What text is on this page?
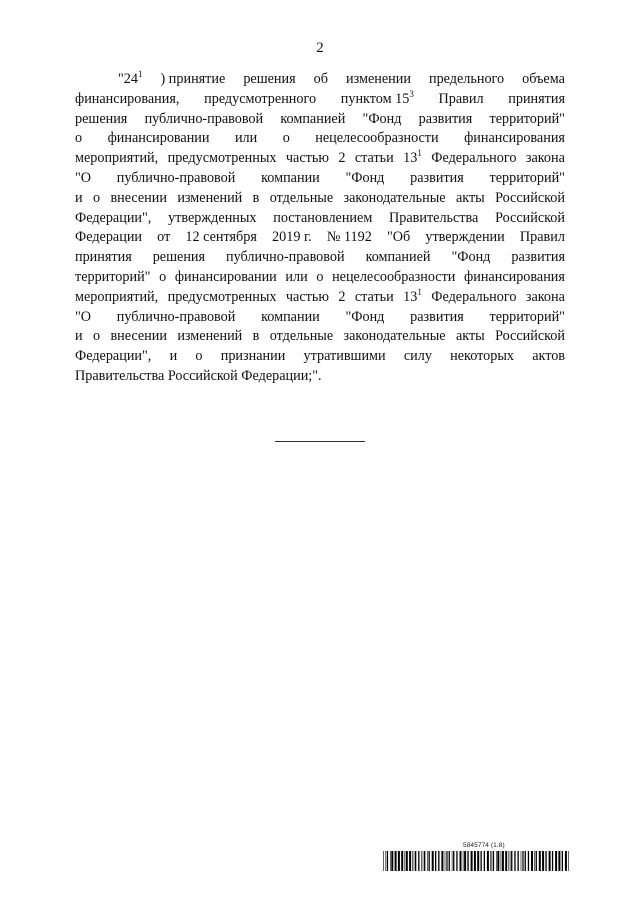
2
"$24^1$ ) принятие решения об изменении предельного объема
финансирования, предусмотренного пунктом $15^3$ Правил принятия
решения публично-правовой компанией "Фонд развития территорий"
о финансировании или о нецелесообразности финансирования
мероприятий, предусмотренных частью 2 статьи $13^1$ Федерального закона
"О публично-правовой компании "Фонд развития территорий"
и о внесении изменений в отдельные законодательные акты Российской
Федерации", утвержденных постановлением Правительства Российской
Федерации от 12 сентября 2019 г. № 1192 "Об утверждении Правил
принятия решения публично-правовой компанией "Фонд развития
территорий" о финансировании или о нецелесообразности финансирования
мероприятий, предусмотренных частью 2 статьи $13^1$ Федерального закона
"О публично-правовой компании "Фонд развития территорий"
и о внесении изменений в отдельные законодательные акты Российской
Федерации", и о признании утратившими силу некоторых актов
Правительства Российской Федерации;".
5845774 (1.8)
